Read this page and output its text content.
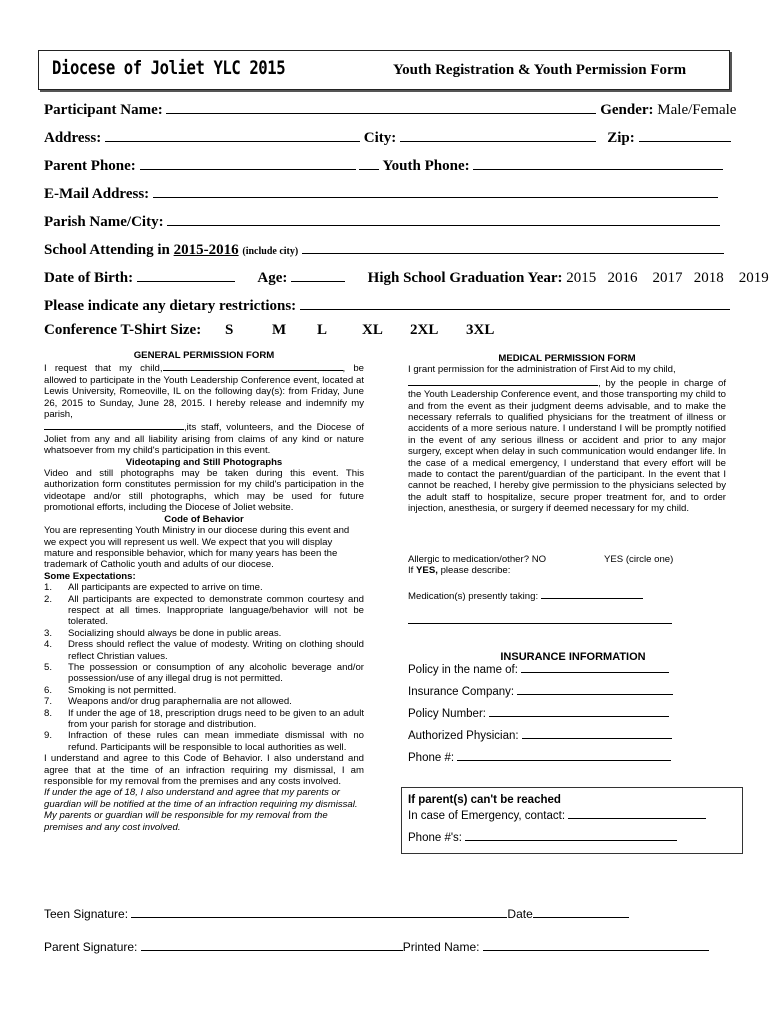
Diocese of Joliet YLC 2015	Youth Registration & Youth Permission Form
Participant Name:	Gender: Male/Female
Address:	City:	Zip:
Parent Phone:	Youth Phone:
E-Mail Address:
Parish Name/City:
School Attending in 2015-2016 (include city)
Date of Birth:	Age:	High School Graduation Year: 2015 2016 2017 2018 2019
Please indicate any dietary restrictions:
Conference T-Shirt Size: S	M L XL 2XL 3XL
GENERAL PERMISSION FORM
I request that my child,	, be allowed to participate in the Youth Leadership Conference event, located at Lewis University, Romeoville, IL on the following day(s): from Friday, June 26, 2015 to Sunday, June 28, 2015. I hereby release and indemnify my parish,
,its staff, volunteers, and the Diocese of Joliet from any and all liability arising from claims of any kind or nature whatsoever from my child's participation in this event.
Videotaping and Still Photographs
Video and still photographs may be taken during this event. This authorization form constitutes permission for my child's participation in the videotape and/or still photographs, which may be used for future promotional efforts, including the Diocese of Joliet website.
Code of Behavior
You are representing Youth Ministry in our diocese during this event and we expect you will represent us well. We expect that you will display mature and responsible behavior, which for many years has been the trademark of Catholic youth and adults of our diocese.
Some Expectations:
1. All participants are expected to arrive on time.
2. All participants are expected to demonstrate common courtesy and respect at all times. Inappropriate language/behavior will not be tolerated.
3. Socializing should always be done in public areas.
4. Dress should reflect the value of modesty. Writing on clothing should reflect Christian values.
5. The possession or consumption of any alcoholic beverage and/or possession/use of any illegal drug is not permitted.
6. Smoking is not permitted.
7. Weapons and/or drug paraphernalia are not allowed.
8. If under the age of 18, prescription drugs need to be given to an adult from your parish for storage and distribution.
9. Infraction of these rules can mean immediate dismissal with no refund. Participants will be responsible to local authorities as well.
I understand and agree to this Code of Behavior. I also understand and agree that at the time of an infraction requiring my dismissal, I am responsible for my removal from the premises and any costs involved.
If under the age of 18, I also understand and agree that my parents or guardian will be notified at the time of an infraction requiring my dismissal. My parents or guardian will be responsible for my removal from the premises and any cost involved.
MEDICAL PERMISSION FORM
I grant permission for the administration of First Aid to my child,
, by the people in charge of the Youth Leadership Conference event, and those transporting my child to and from the event as their judgment deems advisable, and to make the necessary referrals to qualified physicians for the treatment of illness or accidents of a more serious nature. I understand I will be promptly notified in the event of any serious illness or accident and prior to any major surgery, except when delay in such communication would endanger life. In the case of a medical emergency, I understand that every effort will be made to contact the parent/guardian of the participant. In the event that I cannot be reached, I hereby give permission to the physicians selected by the adult staff to hospitalize, secure proper treatment for, and to order injection, anesthesia, or surgery if deemed necessary for my child.
Allergic to medication/other? NO	YES (circle one)
If YES, please describe:
Medication(s) presently taking:
INSURANCE INFORMATION
Policy in the name of:
Insurance Company:
Policy Number:
Authorized Physician:
Phone #:
If parent(s) can't be reached
In case of Emergency, contact:
Phone #'s:
Teen Signature:	Date
Parent Signature:	Printed Name:
